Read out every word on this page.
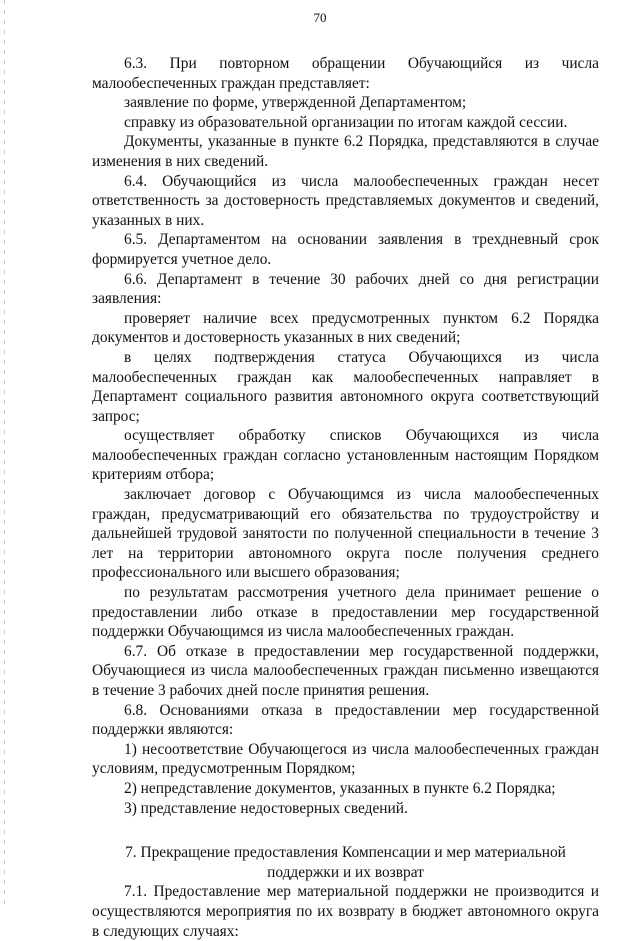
70

6.3. При повторном обращении Обучающийся из числа малообеспеченных граждан представляет:

заявление по форме, утвержденной Департаментом;

справку из образовательной организации по итогам каждой сессии.

Документы, указанные в пункте 6.2 Порядка, представляются в случае изменения в них сведений.

6.4. Обучающийся из числа малообеспеченных граждан несет ответственность за достоверность представляемых документов и сведений, указанных в них.

6.5. Департаментом на основании заявления в трехдневный срок формируется учетное дело.

6.6. Департамент в течение 30 рабочих дней со дня регистрации заявления:

проверяет наличие всех предусмотренных пунктом 6.2 Порядка документов и достоверность указанных в них сведений;

в целях подтверждения статуса Обучающихся из числа малообеспеченных граждан как малообеспеченных направляет в Департамент социального развития автономного округа соответствующий запрос;

осуществляет обработку списков Обучающихся из числа малообеспеченных граждан согласно установленным настоящим Порядком критериям отбора;

заключает договор с Обучающимся из числа малообеспеченных граждан, предусматривающий его обязательства по трудоустройству и дальнейшей трудовой занятости по полученной специальности в течение 3 лет на территории автономного округа после получения среднего профессионального или высшего образования;

по результатам рассмотрения учетного дела принимает решение о предоставлении либо отказе в предоставлении мер государственной поддержки Обучающимся из числа малообеспеченных граждан.

6.7. Об отказе в предоставлении мер государственной поддержки, Обучающиеся из числа малообеспеченных граждан письменно извещаются в течение 3 рабочих дней после принятия решения.

6.8. Основаниями отказа в предоставлении мер государственной поддержки являются:

1) несоответствие Обучающегося из числа малообеспеченных граждан условиям, предусмотренным Порядком;

2) непредставление документов, указанных в пункте 6.2 Порядка;

3) представление недостоверных сведений.

7. Прекращение предоставления Компенсации и мер материальной
поддержки и их возврат

7.1. Предоставление мер материальной поддержки не производится и осуществляются мероприятия по их возврату в бюджет автономного округа в следующих случаях:
